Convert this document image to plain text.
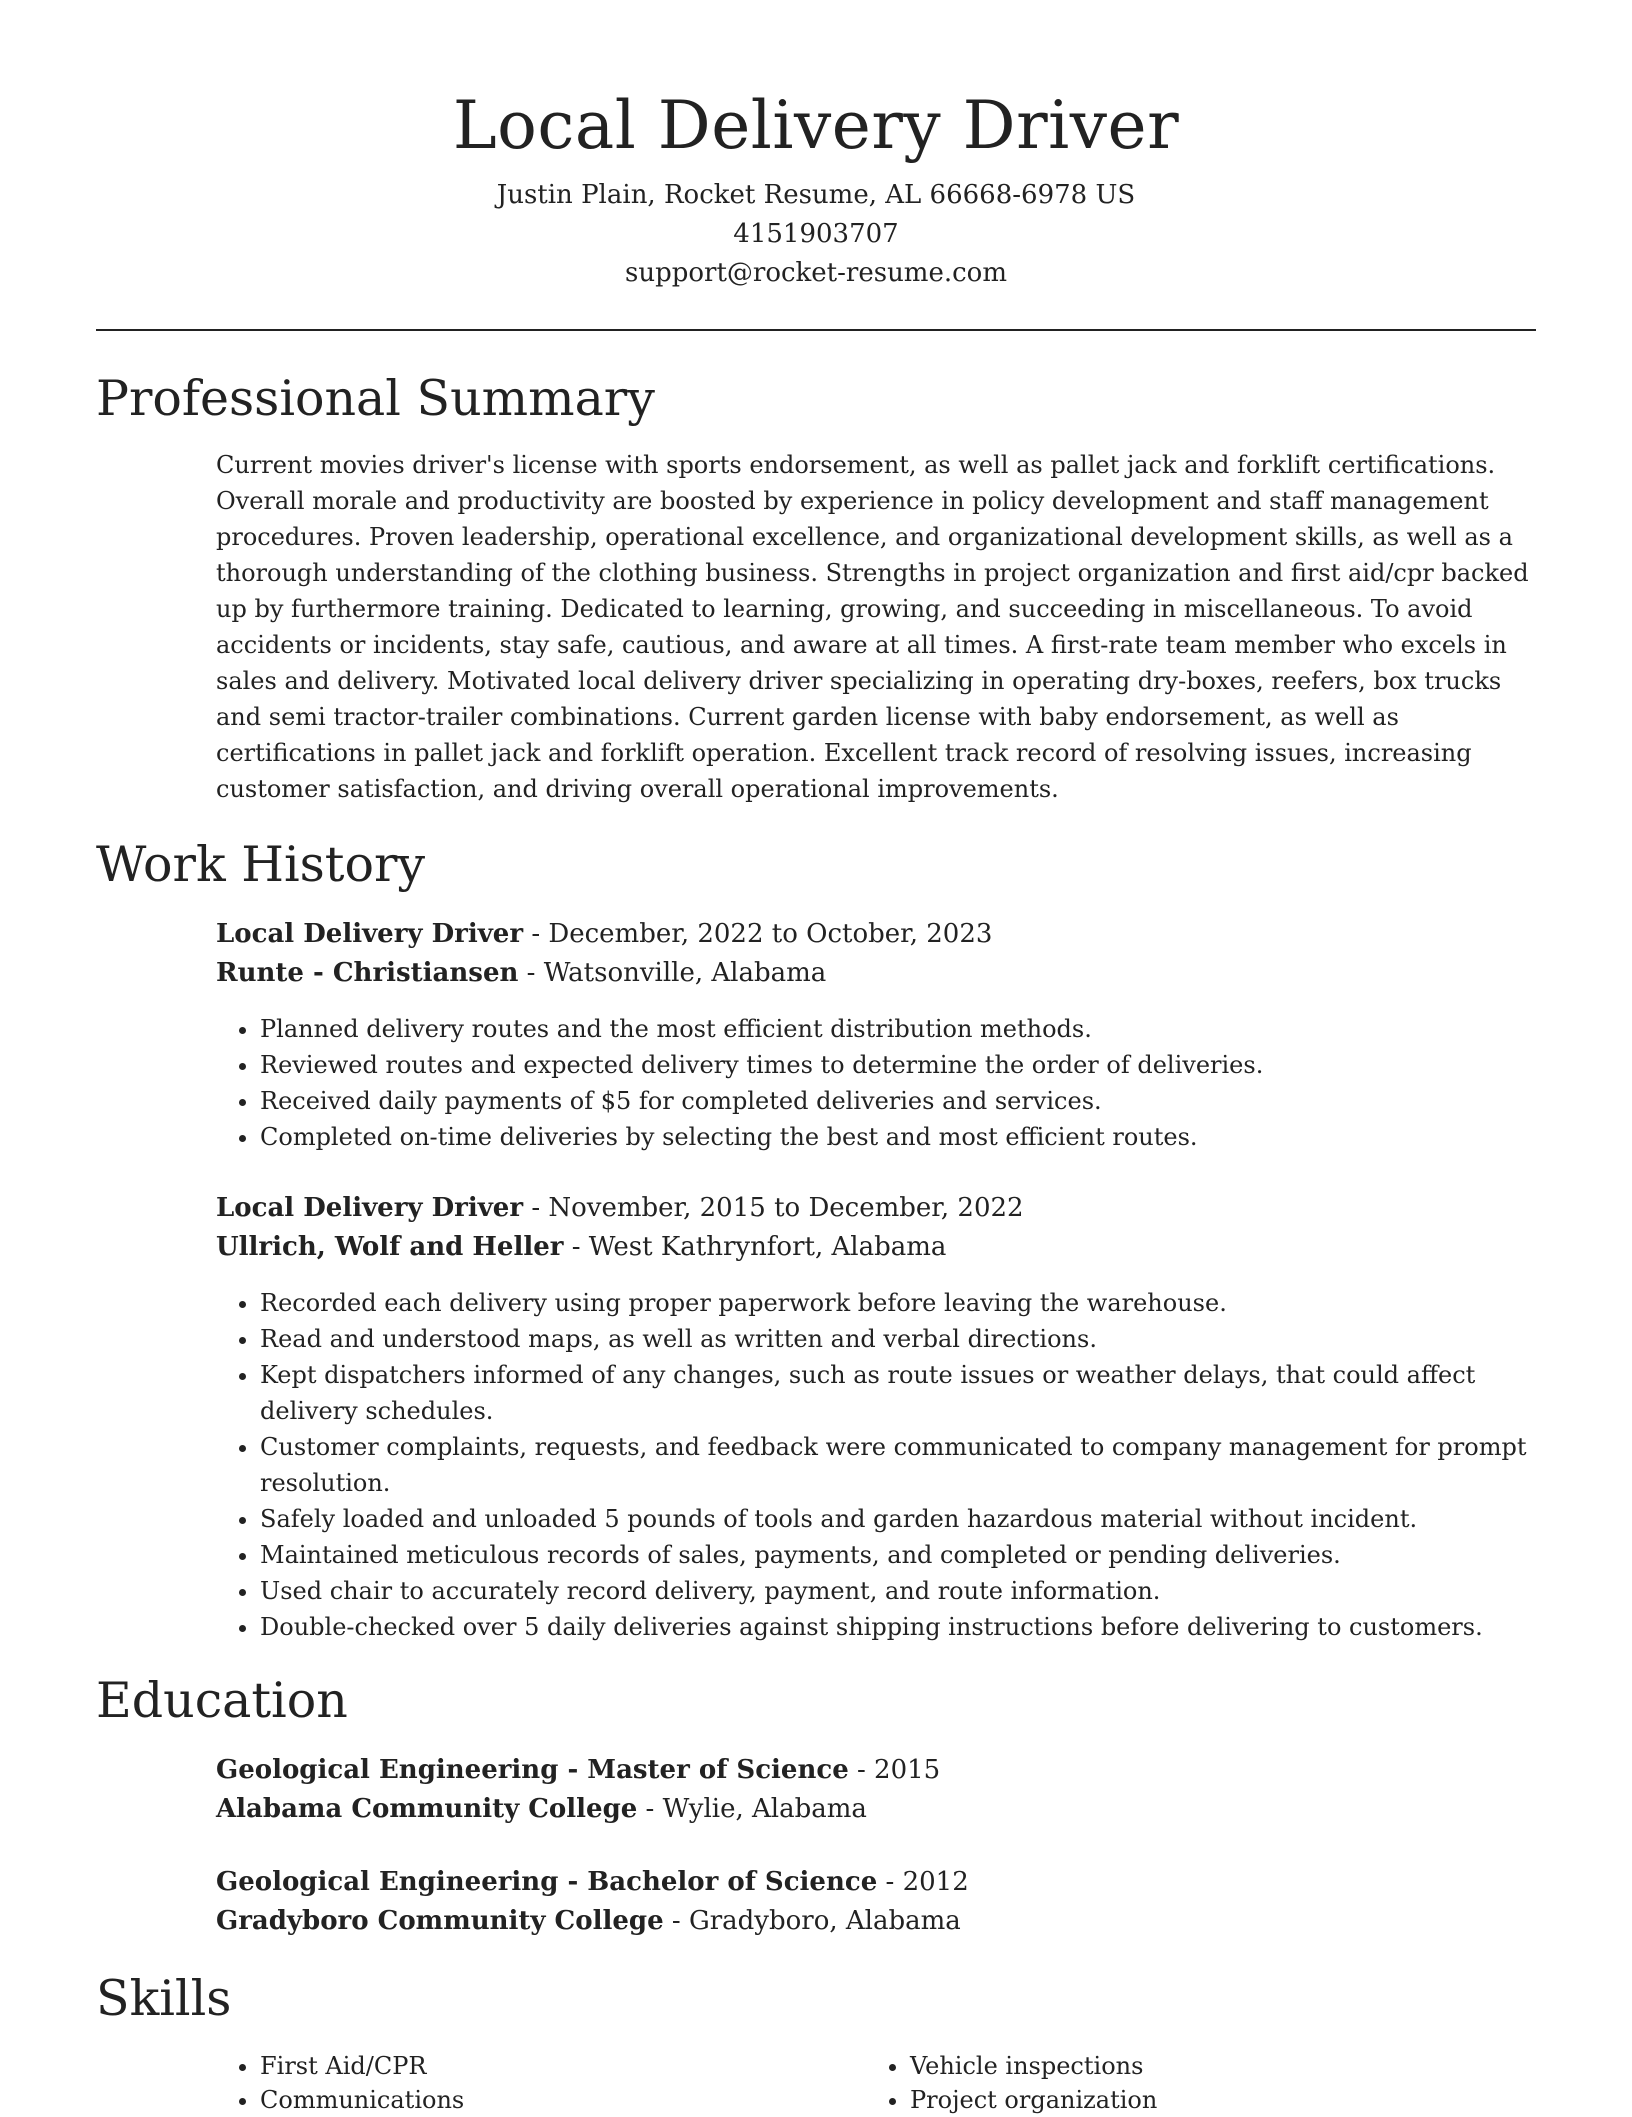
Local Delivery Driver
Justin Plain, Rocket Resume, AL 66668-6978 US
4151903707
support@rocket-resume.com
Professional Summary

Current movies driver's license with sports endorsement, as well as pallet jack and forklift certifications. Overall morale and productivity are boosted by experience in policy development and staff management procedures. Proven leadership, operational excellence, and organizational development skills, as well as a thorough understanding of the clothing business. Strengths in project organization and first aid/cpr backed up by furthermore training. Dedicated to learning, growing, and succeeding in miscellaneous. To avoid accidents or incidents, stay safe, cautious, and aware at all times. A first-rate team member who excels in sales and delivery. Motivated local delivery driver specializing in operating dry-boxes, reefers, box trucks and semi tractor-trailer combinations. Current garden license with baby endorsement, as well as certifications in pallet jack and forklift operation. Excellent track record of resolving issues, increasing customer satisfaction, and driving overall operational improvements.

Work History
Local Delivery Driver - December, 2022 to October, 2023
Runte - Christiansen - Watsonville, Alabama
• Planned delivery routes and the most efficient distribution methods.
• Reviewed routes and expected delivery times to determine the order of deliveries.
• Received daily payments of $5 for completed deliveries and services.
• Completed on-time deliveries by selecting the best and most efficient routes.
Local Delivery Driver - November, 2015 to December, 2022
Ullrich, Wolf and Heller - West Kathrynfort, Alabama
• Recorded each delivery using proper paperwork before leaving the warehouse.
• Read and understood maps, as well as written and verbal directions.
• Kept dispatchers informed of any changes, such as route issues or weather delays, that could affect delivery schedules.
• Customer complaints, requests, and feedback were communicated to company management for prompt resolution.
• Safely loaded and unloaded 5 pounds of tools and garden hazardous material without incident.
• Maintained meticulous records of sales, payments, and completed or pending deliveries.
• Used chair to accurately record delivery, payment, and route information.
• Double-checked over 5 daily deliveries against shipping instructions before delivering to customers.
Education
Geological Engineering - Master of Science - 2015
Alabama Community College - Wylie, Alabama
Geological Engineering - Bachelor of Science - 2012
Gradyboro Community College - Gradyboro, Alabama
Skills
• First Aid/CPR
• Communications
• Vehicle inspections
• Project organization
